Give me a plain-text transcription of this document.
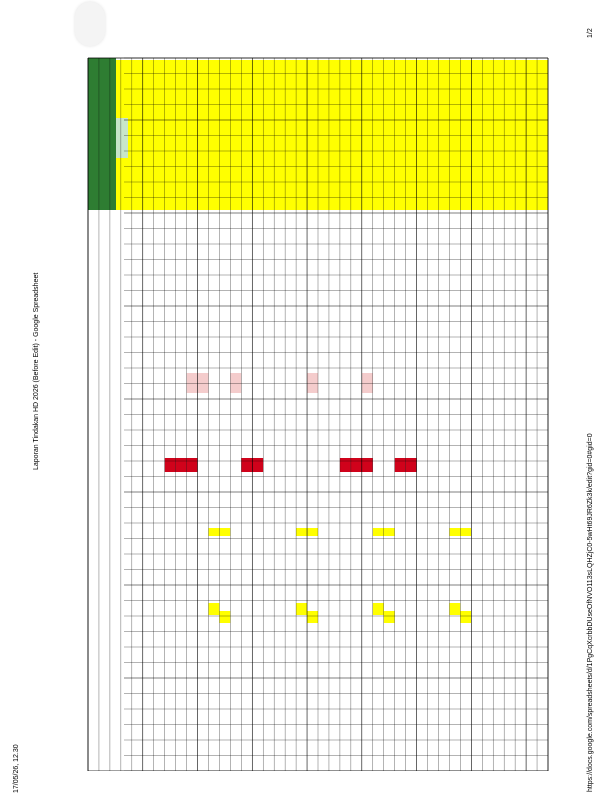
17/05/26, 12.30
Laporan Tindakan HD 2026 (Before Edit) - Google Spreadsheet
https://docs.google.com/spreadsheets/d/1PgCqXcrbbDUseOfNVO113sLQHZjC0-5wHt69JR6Zk3k/edit?gid=0#gid=0
1/2
